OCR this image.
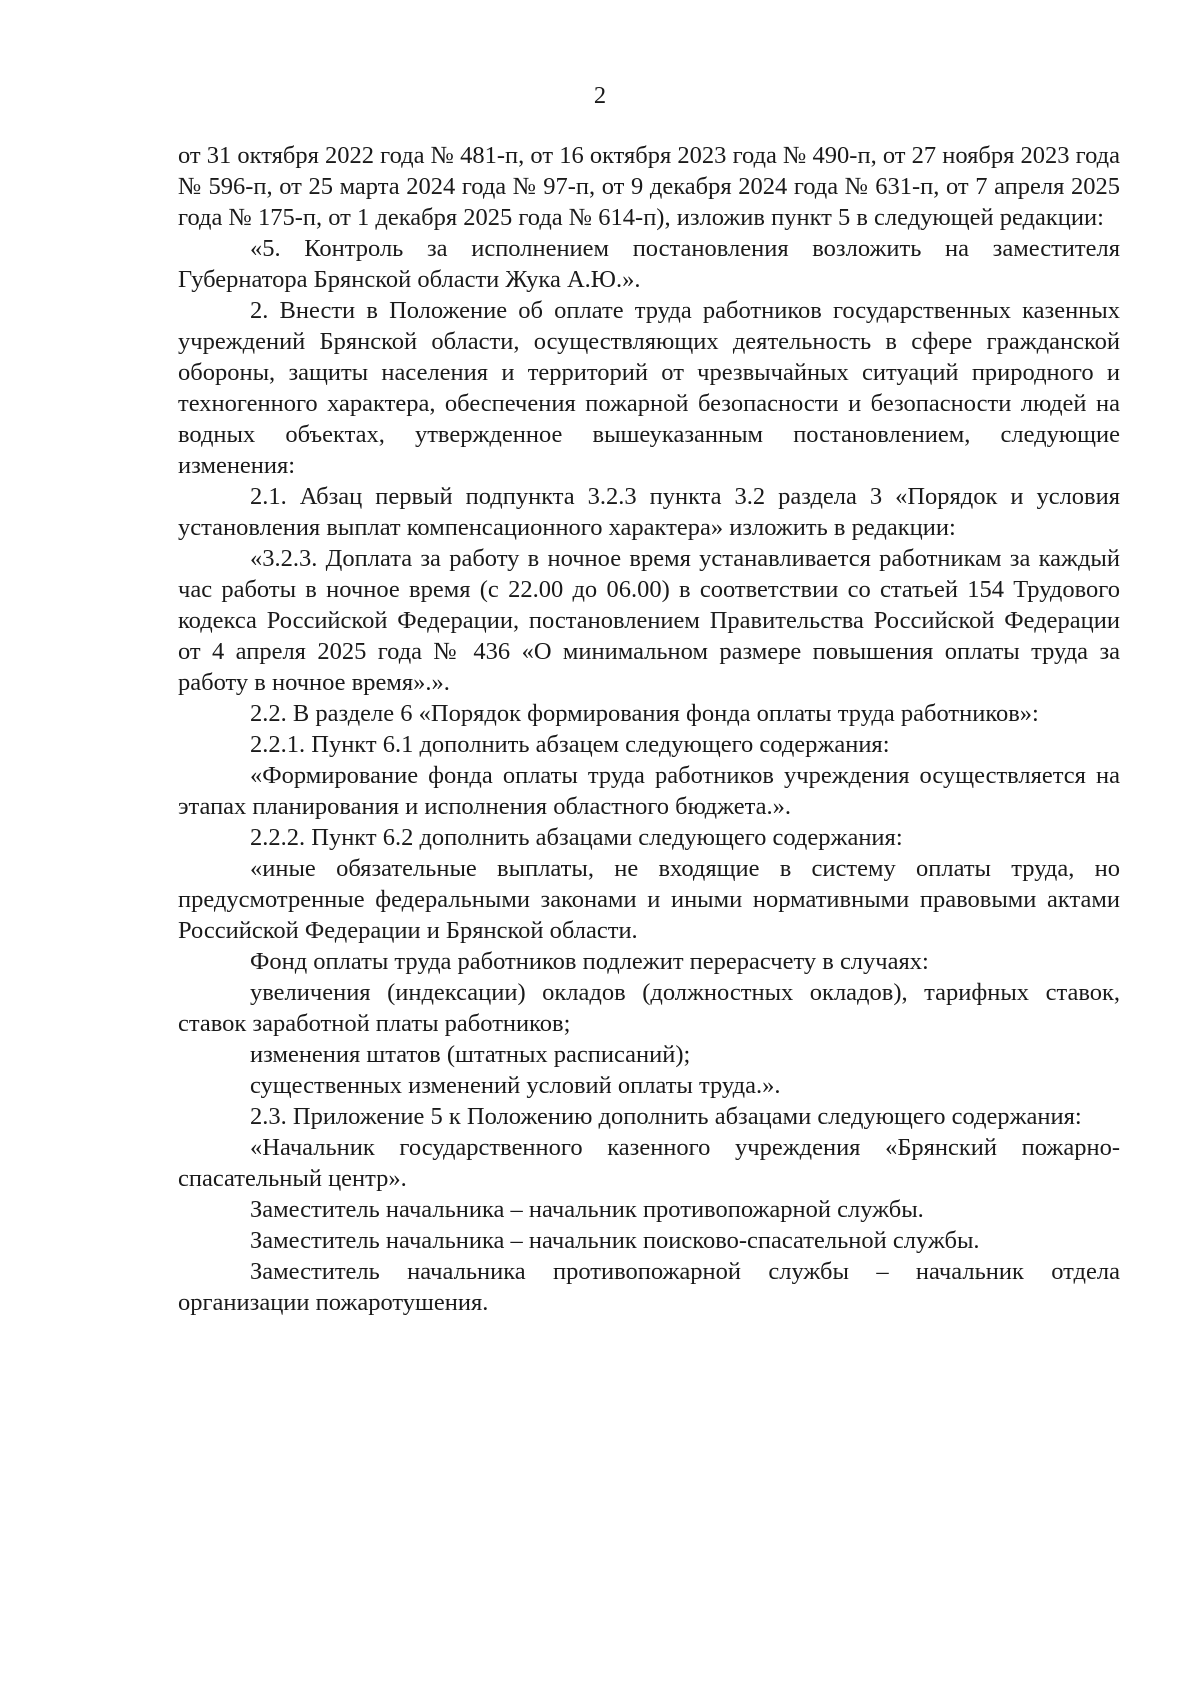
2

от 31 октября 2022 года № 481-п, от 16 октября 2023 года № 490-п, от 27 ноября 2023 года № 596-п, от 25 марта 2024 года № 97-п, от 9 декабря 2024 года № 631-п, от 7 апреля 2025 года № 175-п, от 1 декабря 2025 года № 614-п), изложив пункт 5 в следующей редакции:

«5. Контроль за исполнением постановления возложить на заместителя Губернатора Брянской области Жука А.Ю.».

2. Внести в Положение об оплате труда работников государственных казенных учреждений Брянской области, осуществляющих деятельность в сфере гражданской обороны, защиты населения и территорий от чрезвычайных ситуаций природного и техногенного характера, обеспечения пожарной безопасности и безопасности людей на водных объектах, утвержденное вышеуказанным постановлением, следующие изменения:

2.1. Абзац первый подпункта 3.2.3 пункта 3.2 раздела 3 «Порядок и условия установления выплат компенсационного характера» изложить в редакции:

«3.2.3. Доплата за работу в ночное время устанавливается работникам за каждый час работы в ночное время (с 22.00 до 06.00) в соответствии со статьей 154 Трудового кодекса Российской Федерации, постановлением Правительства Российской Федерации от 4 апреля 2025 года № 436 «О минимальном размере повышения оплаты труда за работу в ночное время».».

2.2. В разделе 6 «Порядок формирования фонда оплаты труда работников»:

2.2.1. Пункт 6.1 дополнить абзацем следующего содержания:

«Формирование фонда оплаты труда работников учреждения осуществляется на этапах планирования и исполнения областного бюджета.».

2.2.2. Пункт 6.2 дополнить абзацами следующего содержания:

«иные обязательные выплаты, не входящие в систему оплаты труда, но предусмотренные федеральными законами и иными нормативными правовыми актами Российской Федерации и Брянской области.

Фонд оплаты труда работников подлежит перерасчету в случаях:

увеличения (индексации) окладов (должностных окладов), тарифных ставок, ставок заработной платы работников;

изменения штатов (штатных расписаний);

существенных изменений условий оплаты труда.».

2.3. Приложение 5 к Положению дополнить абзацами следующего содержания:

«Начальник государственного казенного учреждения «Брянский пожарно-спасательный центр».

Заместитель начальника – начальник противопожарной службы.

Заместитель начальника – начальник поисково-спасательной службы.

Заместитель начальника противопожарной службы – начальник отдела организации пожаротушения.
